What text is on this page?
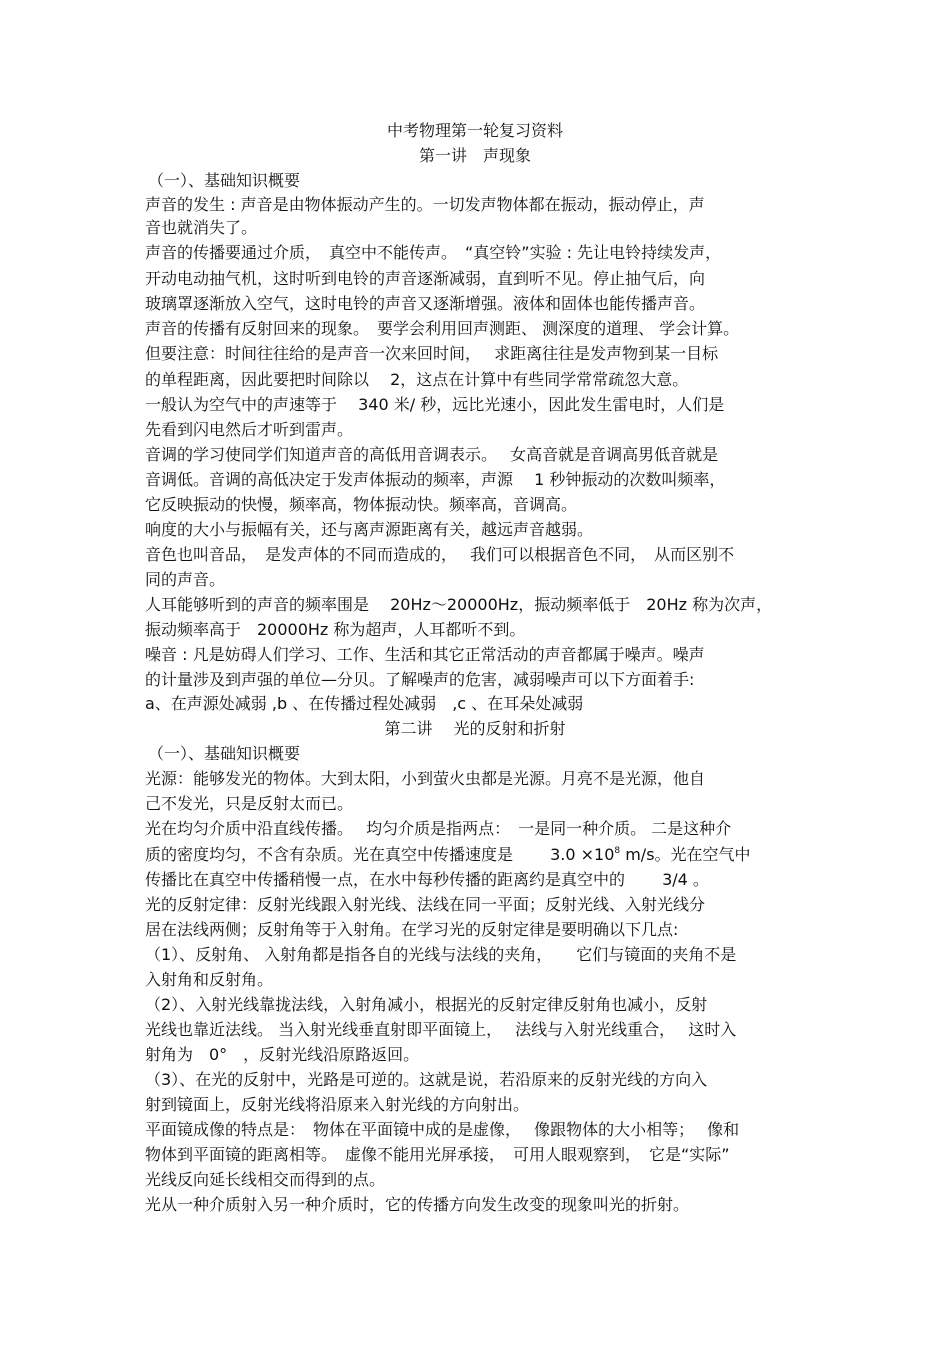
中考物理第一轮复习资料
第一讲　声现象
（一）、基础知识概要
声音的发生 : 声音是由物体振动产生的。一切发声物体都在振动，振动停止，声
音也就消失了。
声音的传播要通过介质，　真空中不能传声。　“真空铃”实验 : 先让电铃持续发声，
开动电动抽气机，这时听到电铃的声音逐渐减弱，直到听不见。停止抽气后，向
玻璃罩逐渐放入空气，这时电铃的声音又逐渐增强。液体和固体也能传播声音。
声音的传播有反射回来的现象。　要学会利用回声测距、 测深度的道理、 学会计算。
但要注意：时间往往给的是声音一次来回时间，　 求距离往往是发声物到某一目标
的单程距离，因此要把时间除以　 2，这点在计算中有些同学常常疏忽大意。
一般认为空气中的声速等于　 340 米/ 秒，远比光速小，因此发生雷电时，人们是
先看到闪电然后才听到雷声。
音调的学习使同学们知道声音的高低用音调表示。　 女高音就是音调高男低音就是
音调低。音调的高低决定于发声体振动的频率，声源　 1 秒钟振动的次数叫频率，
它反映振动的快慢，频率高，物体振动快。频率高，音调高。
响度的大小与振幅有关，还与离声源距离有关，越远声音越弱。
音色也叫音品，　是发声体的不同而造成的，　 我们可以根据音色不同，　从而区别不
同的声音。
人耳能够听到的声音的频率围是　 20Hz～20000Hz，振动频率低于　20Hz 称为次声，
振动频率高于　20000Hz 称为超声，人耳都听不到。
噪音 : 凡是妨碍人们学习、工作、生活和其它正常活动的声音都属于噪声。噪声
的计量涉及到声强的单位—分贝。了解噪声的危害，减弱噪声可以下方面着手:
a、在声源处减弱 ,b 、在传播过程处减弱　,c 、在耳朵处减弱
第二讲　 光的反射和折射
（一）、基础知识概要
光源：能够发光的物体。大到太阳，小到萤火虫都是光源。月亮不是光源，他自
己不发光，只是反射太而已。
光在均匀介质中沿直线传播。　 均匀介质是指两点：　一是同一种介质。 二是这种介
质的密度均匀，不含有杂质。光在真空中传播速度是　　 $3.0 \times 10^8$ m/s。光在空气中
传播比在真空中传播稍慢一点，在水中每秒传播的距离约是真空中的　　 3/4 。
光的反射定律：反射光线跟入射光线、法线在同一平面；反射光线、入射光线分
居在法线两侧；反射角等于入射角。在学习光的反射定律是要明确以下几点:
（1）、反射角、 入射角都是指各自的光线与法线的夹角，　　它们与镜面的夹角不是
入射角和反射角。
（2）、入射光线靠拢法线，入射角减小，根据光的反射定律反射角也减小，反射
光线也靠近法线。 当入射光线垂直射即平面镜上，　 法线与入射光线重合，　 这时入
射角为　0°　，反射光线沿原路返回。
（3）、在光的反射中，光路是可逆的。这就是说，若沿原来的反射光线的方向入
射到镜面上，反射光线将沿原来入射光线的方向射出。
平面镜成像的特点是：　物体在平面镜中成的是虚像，　 像跟物体的大小相等；　 像和
物体到平面镜的距离相等。　虚像不能用光屏承接，　可用人眼观察到，　它是“实际”
光线反向延长线相交而得到的点。
光从一种介质射入另一种介质时，它的传播方向发生改变的现象叫光的折射。
